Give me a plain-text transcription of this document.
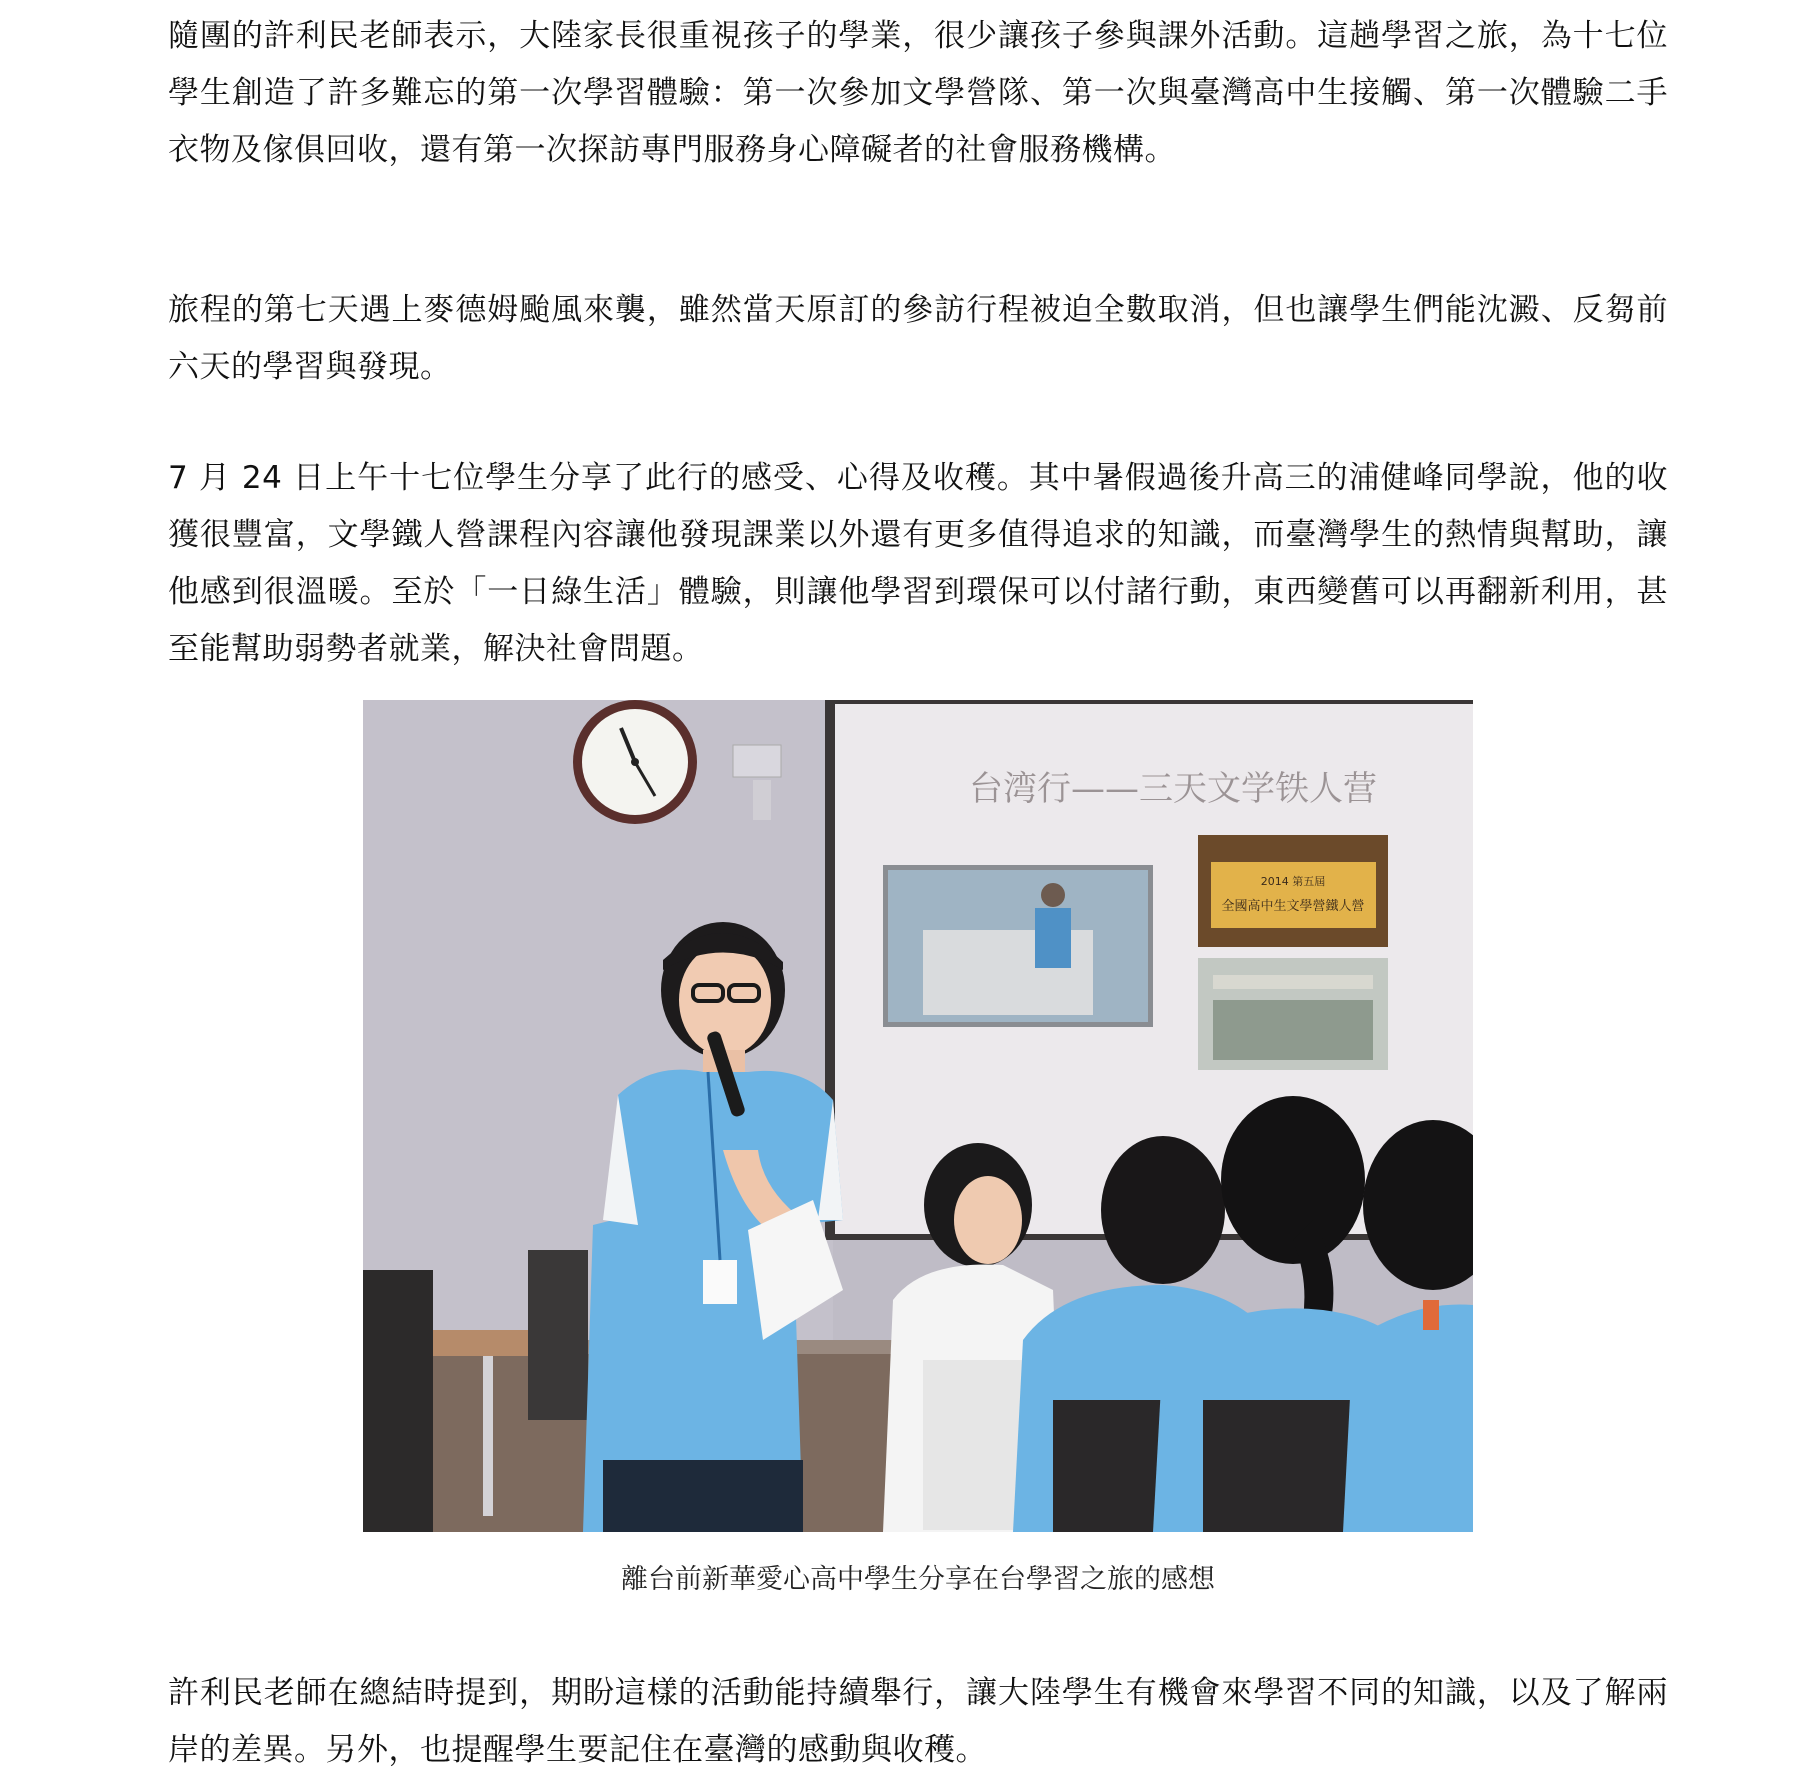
隨團的許利民老師表示，大陸家長很重視孩子的學業，很少讓孩子參與課外活動。這趟學習之旅，為十七位學生創造了許多難忘的第一次學習體驗：第一次參加文學營隊、第一次與臺灣高中生接觸、第一次體驗二手衣物及傢俱回收，還有第一次探訪專門服務身心障礙者的社會服務機構。

旅程的第七天遇上麥德姆颱風來襲，雖然當天原訂的參訪行程被迫全數取消，但也讓學生們能沈澱、反芻前六天的學習與發現。

7 月 24 日上午十七位學生分享了此行的感受、心得及收穫。其中暑假過後升高三的浦健峰同學說，他的收獲很豐富，文學鐵人營課程內容讓他發現課業以外還有更多值得追求的知識，而臺灣學生的熱情與幫助，讓他感到很溫暖。至於「一日綠生活」體驗，則讓他學習到環保可以付諸行動，東西變舊可以再翻新利用，甚至能幫助弱勢者就業，解決社會問題。

台湾行——三天文学铁人营
2014 第五屆
全國高中生文學營鐵人營

離台前新華愛心高中學生分享在台學習之旅的感想

許利民老師在總結時提到，期盼這樣的活動能持續舉行，讓大陸學生有機會來學習不同的知識，以及了解兩岸的差異。另外，也提醒學生要記住在臺灣的感動與收穫。
